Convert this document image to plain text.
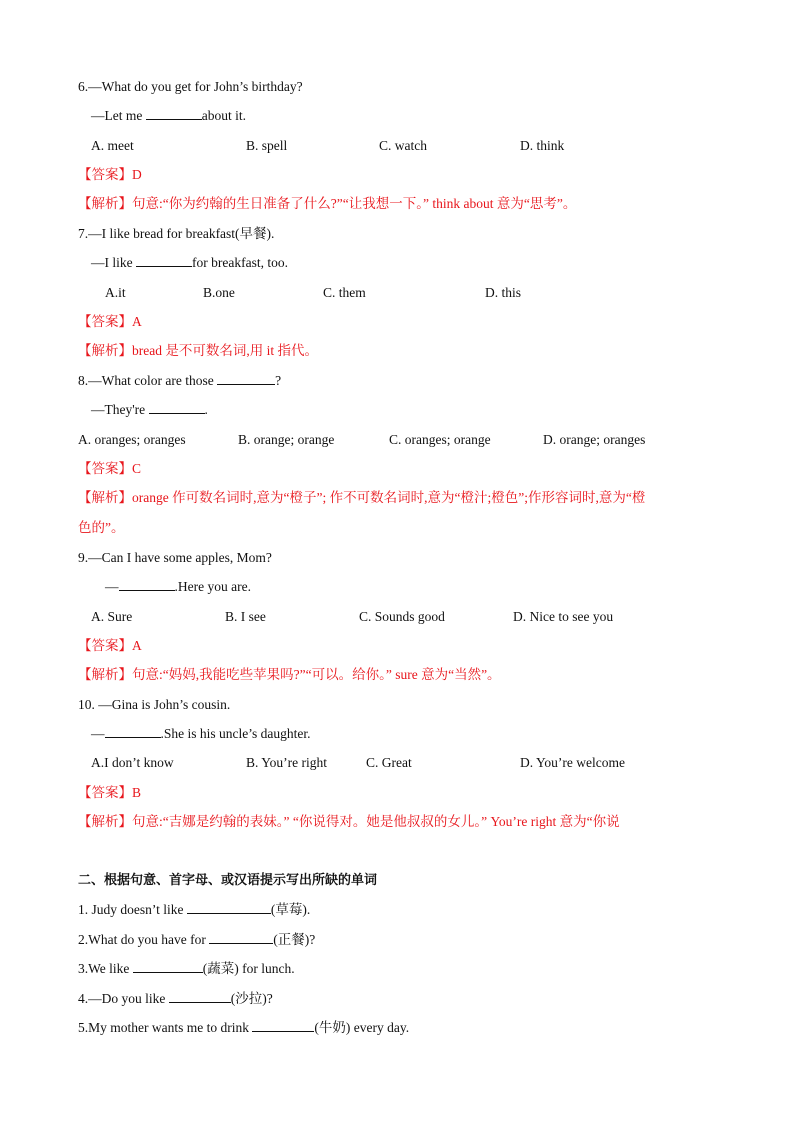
6.—What do you get for John’s birthday?
—Let me	about it.
A. meet	B. spell	C. watch	D. think
【答案】D
【解析】句意:“你为约翰的生日准备了什么?”“让我想一下。” think about 意为“思考”。
7.—I like bread for breakfast(早餐).
—I like	for breakfast, too.
A.it	B.one	C. them	D. this
【答案】A
【解析】bread 是不可数名词,用 it 指代。
8.—What color are those	?
—They're	.
A. oranges; oranges	B. orange; orange	C. oranges; orange	D. orange; oranges
【答案】C
【解析】orange 作可数名词时,意为“橙子”; 作不可数名词时,意为“橙汁;橙色”;作形容词时,意为“橙
色的”。
9.—Can I have some apples, Mom?
—	.Here you are.
A. Sure	B. I see	C. Sounds good	D. Nice to see you
【答案】A
【解析】句意:“妈妈,我能吃些苹果吗?”“可以。给你。” sure 意为“当然”。
10. —Gina is John’s cousin.
—	.She is his uncle’s daughter.
A.I don’t know	B. You’re right	C. Great	D. You’re welcome
【答案】B
【解析】句意:“吉娜是约翰的表妹。” “你说得对。她是他叔叔的女儿。” You’re right 意为“你说
二、根据句意、首字母、或汉语提示写出所缺的单词
1. Judy doesn’t like	(草莓).
2.What do you have for	(正餐)?
3.We like	(蔬菜) for lunch.
4.—Do you like	(沙拉)?
5.My mother wants me to drink	(牛奶) every day.
